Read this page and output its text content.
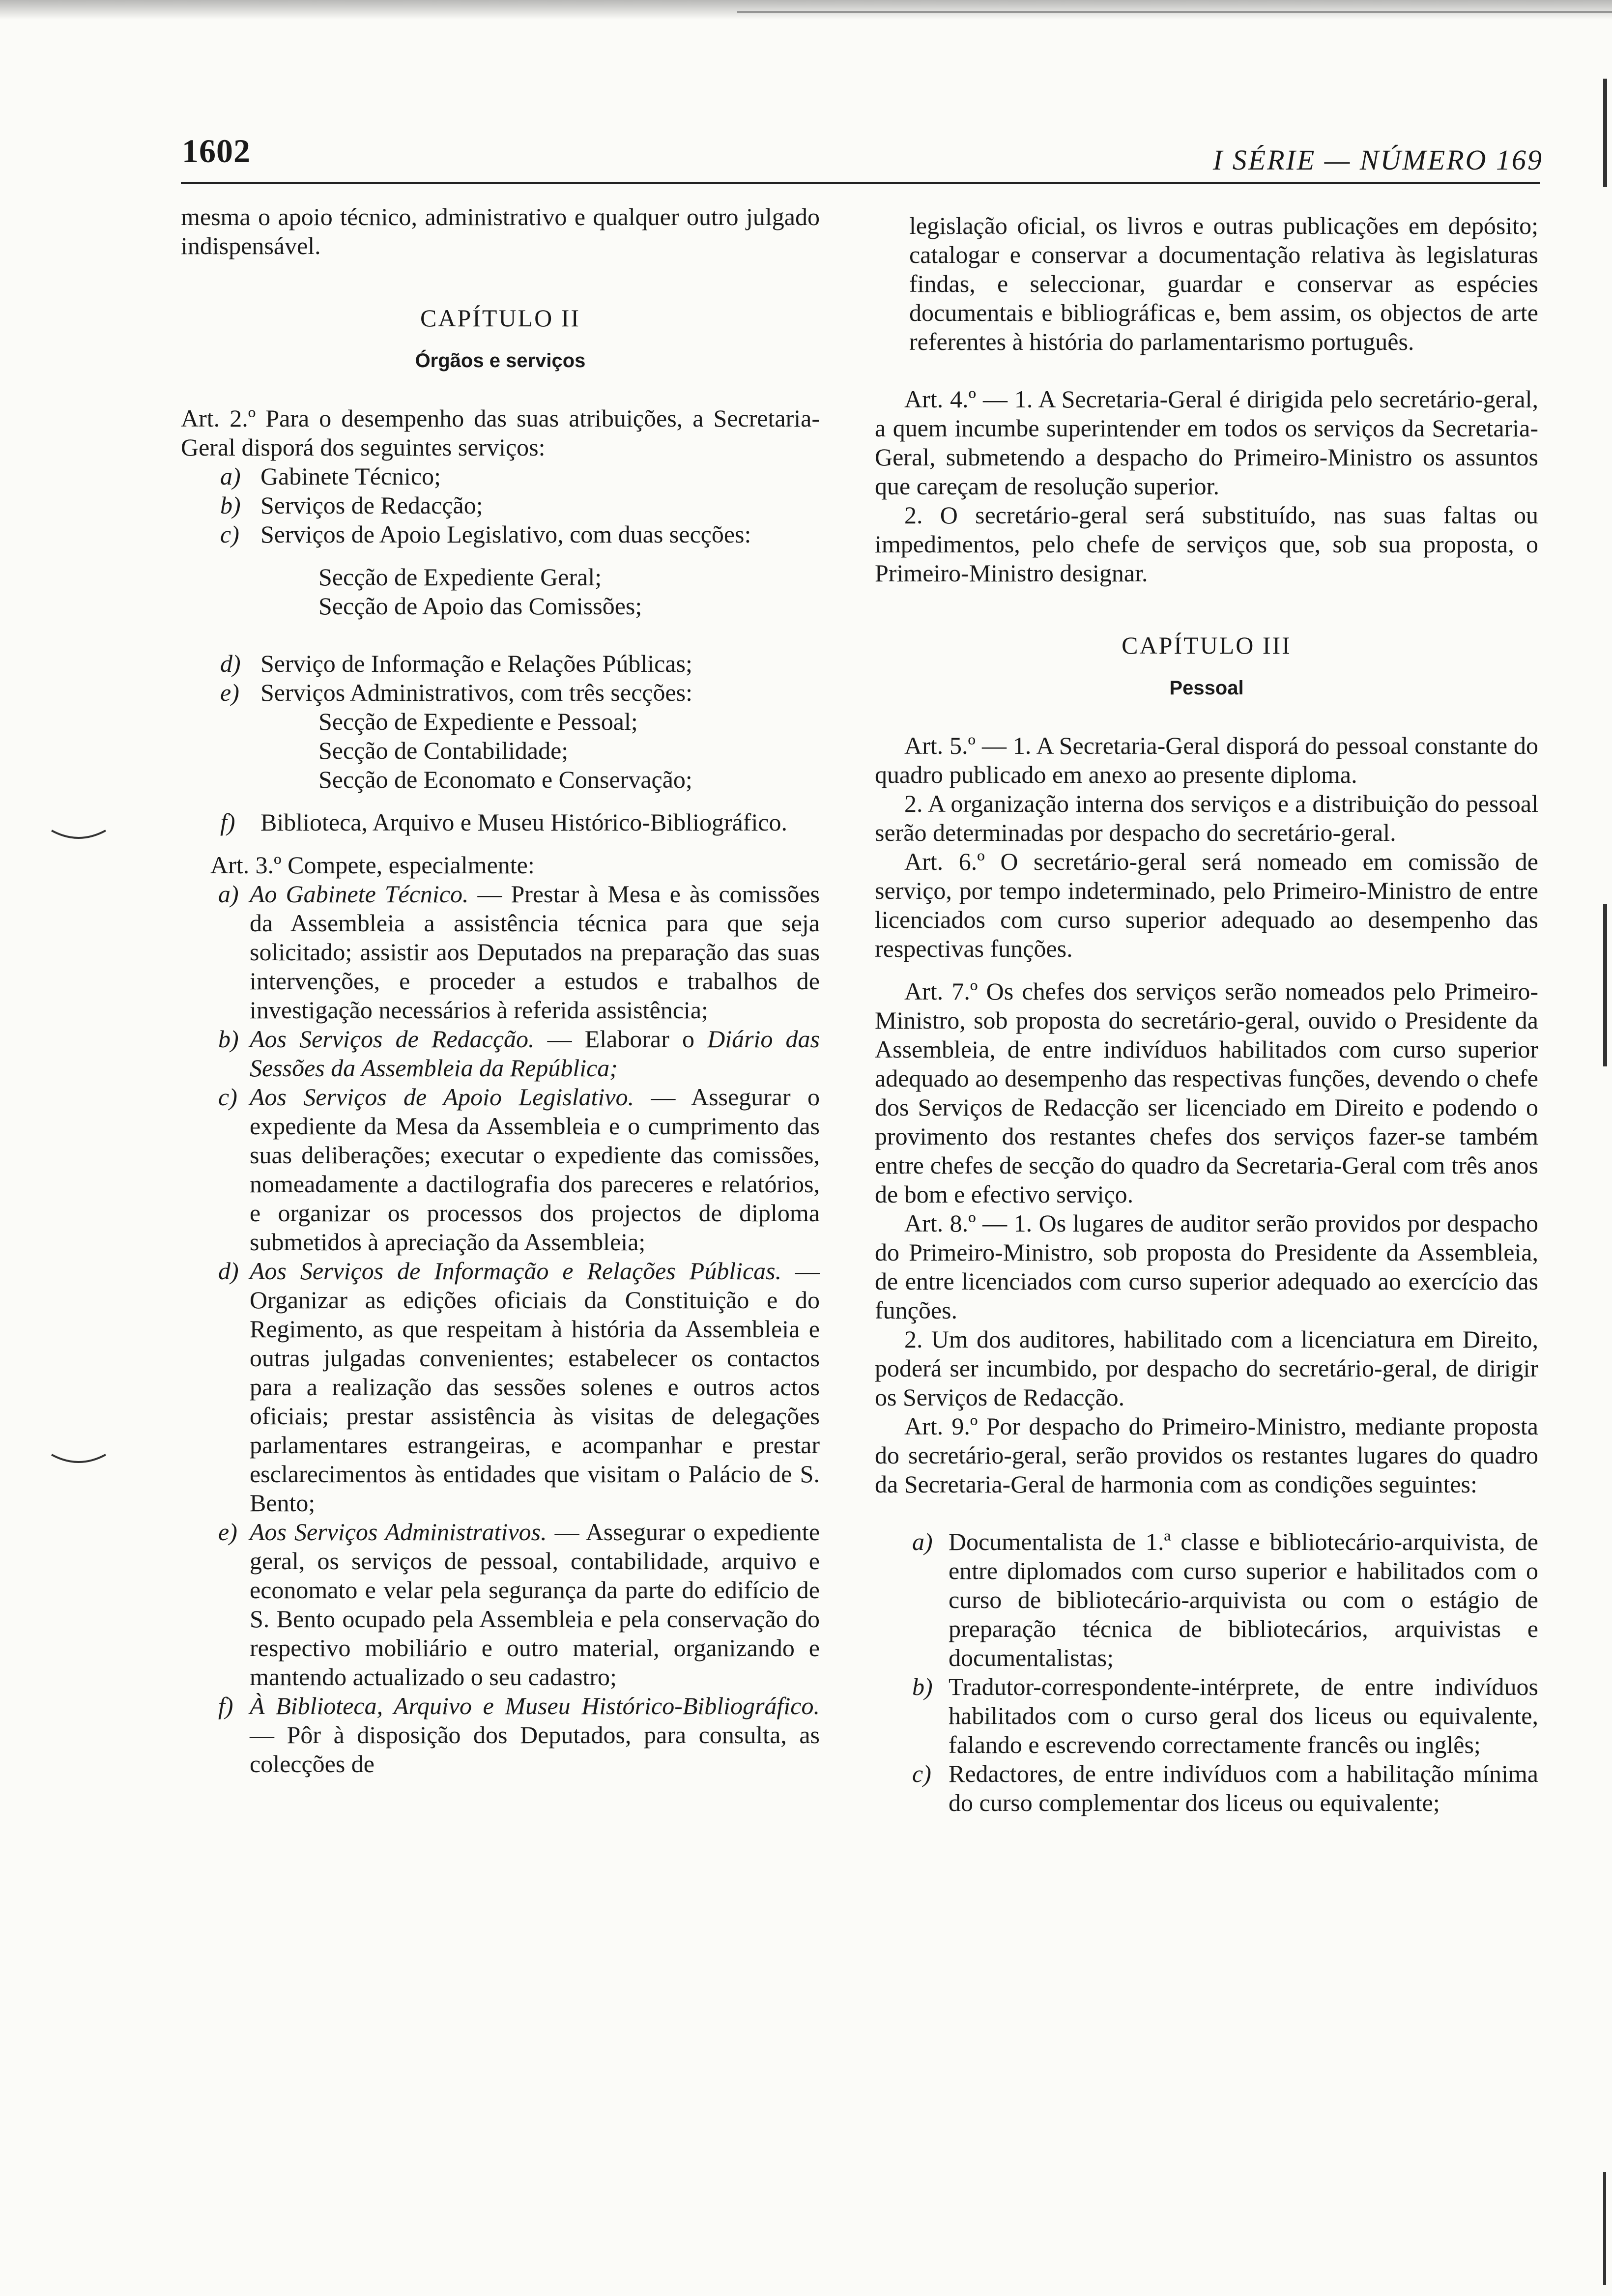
1602	I SÉRIE — NÚMERO 169

mesma o apoio técnico, administrativo e qualquer outro julgado indispensável.

CAPÍTULO II

Órgãos e serviços

Art. 2.º Para o desempenho das suas atribuições, a Secretaria-Geral disporá dos seguintes serviços:

a) Gabinete Técnico;
b) Serviços de Redacção;
c) Serviços de Apoio Legislativo, com duas secções:
Secção de Expediente Geral;
Secção de Apoio das Comissões;
d) Serviço de Informação e Relações Públicas;
e) Serviços Administrativos, com três secções:
Secção de Expediente e Pessoal;
Secção de Contabilidade;
Secção de Economato e Conservação;
f) Biblioteca, Arquivo e Museu Histórico-Bibliográfico.

Art. 3.º Compete, especialmente:

a) Ao Gabinete Técnico. — Prestar à Mesa e às comissões da Assembleia a assistência técnica para que seja solicitado; assistir aos Deputados na preparação das suas intervenções, e proceder a estudos e trabalhos de investigação necessários à referida assistência;
b) Aos Serviços de Redacção. — Elaborar o Diário das Sessões da Assembleia da República;
c) Aos Serviços de Apoio Legislativo. — Assegurar o expediente da Mesa da Assembleia e o cumprimento das suas deliberações; executar o expediente das comissões, nomeadamente a dactilografia dos pareceres e relatórios, e organizar os processos dos projectos de diploma submetidos à apreciação da Assembleia;
d) Aos Serviços de Informação e Relações Públicas. — Organizar as edições oficiais da Constituição e do Regimento, as que respeitam à história da Assembleia e outras julgadas convenientes; estabelecer os contactos para a realização das sessões solenes e outros actos oficiais; prestar assistência às visitas de delegações parlamentares estrangeiras, e acompanhar e prestar esclarecimentos às entidades que visitam o Palácio de S. Bento;
e) Aos Serviços Administrativos. — Assegurar o expediente geral, os serviços de pessoal, contabilidade, arquivo e economato e velar pela segurança da parte do edifício de S. Bento ocupado pela Assembleia e pela conservação do respectivo mobiliário e outro material, organizando e mantendo actualizado o seu cadastro;
f) À Biblioteca, Arquivo e Museu Histórico-Bibliográfico. — Pôr à disposição dos Deputados, para consulta, as colecções de

legislação oficial, os livros e outras publicações em depósito; catalogar e conservar a documentação relativa às legislaturas findas, e seleccionar, guardar e conservar as espécies documentais e bibliográficas e, bem assim, os objectos de arte referentes à história do parlamentarismo português.

Art. 4.º — 1. A Secretaria-Geral é dirigida pelo secretário-geral, a quem incumbe superintender em todos os serviços da Secretaria-Geral, submetendo a despacho do Primeiro-Ministro os assuntos que careçam de resolução superior.

2. O secretário-geral será substituído, nas suas faltas ou impedimentos, pelo chefe de serviços que, sob sua proposta, o Primeiro-Ministro designar.

CAPÍTULO III

Pessoal

Art. 5.º — 1. A Secretaria-Geral disporá do pessoal constante do quadro publicado em anexo ao presente diploma.

2. A organização interna dos serviços e a distribuição do pessoal serão determinadas por despacho do secretário-geral.

Art. 6.º O secretário-geral será nomeado em comissão de serviço, por tempo indeterminado, pelo Primeiro-Ministro de entre licenciados com curso superior adequado ao desempenho das respectivas funções.

Art. 7.º Os chefes dos serviços serão nomeados pelo Primeiro-Ministro, sob proposta do secretário-geral, ouvido o Presidente da Assembleia, de entre indivíduos habilitados com curso superior adequado ao desempenho das respectivas funções, devendo o chefe dos Serviços de Redacção ser licenciado em Direito e podendo o provimento dos restantes chefes dos serviços fazer-se também entre chefes de secção do quadro da Secretaria-Geral com três anos de bom e efectivo serviço.

Art. 8.º — 1. Os lugares de auditor serão providos por despacho do Primeiro-Ministro, sob proposta do Presidente da Assembleia, de entre licenciados com curso superior adequado ao exercício das funções.

2. Um dos auditores, habilitado com a licenciatura em Direito, poderá ser incumbido, por despacho do secretário-geral, de dirigir os Serviços de Redacção.

Art. 9.º Por despacho do Primeiro-Ministro, mediante proposta do secretário-geral, serão providos os restantes lugares do quadro da Secretaria-Geral de harmonia com as condições seguintes:

a) Documentalista de 1.ª classe e bibliotecário-arquivista, de entre diplomados com curso superior e habilitados com o curso de bibliotecário-arquivista ou com o estágio de preparação técnica de bibliotecários, arquivistas e documentalistas;
b) Tradutor-correspondente-intérprete, de entre indivíduos habilitados com o curso geral dos liceus ou equivalente, falando e escrevendo correctamente francês ou inglês;
c) Redactores, de entre indivíduos com a habilitação mínima do curso complementar dos liceus ou equivalente;
